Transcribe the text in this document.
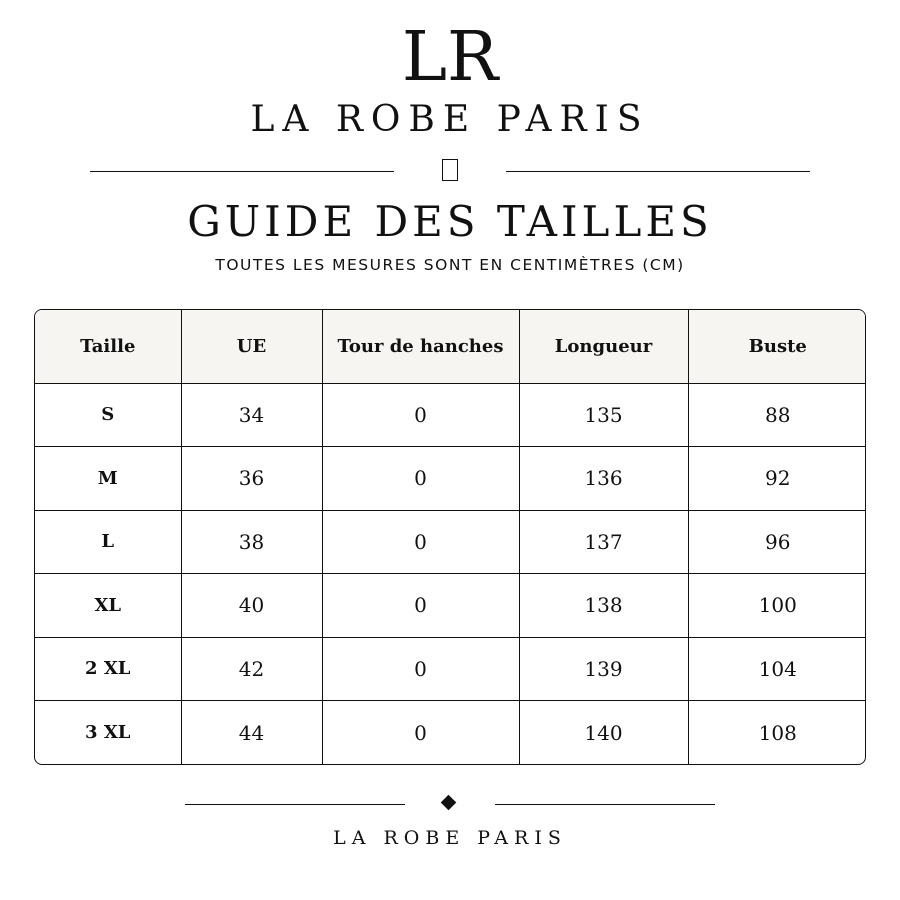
LR
LA ROBE PARIS
GUIDE DES TAILLES
TOUTES LES MESURES SONT EN CENTIMÈTRES (CM)
Taille	UE	Tour de hanches	Longueur	Buste
S	34	0	135	88
M	36	0	136	92
L	38	0	137	96
XL	40	0	138	100
2 XL	42	0	139	104
3 XL	44	0	140	108
LA ROBE PARIS
